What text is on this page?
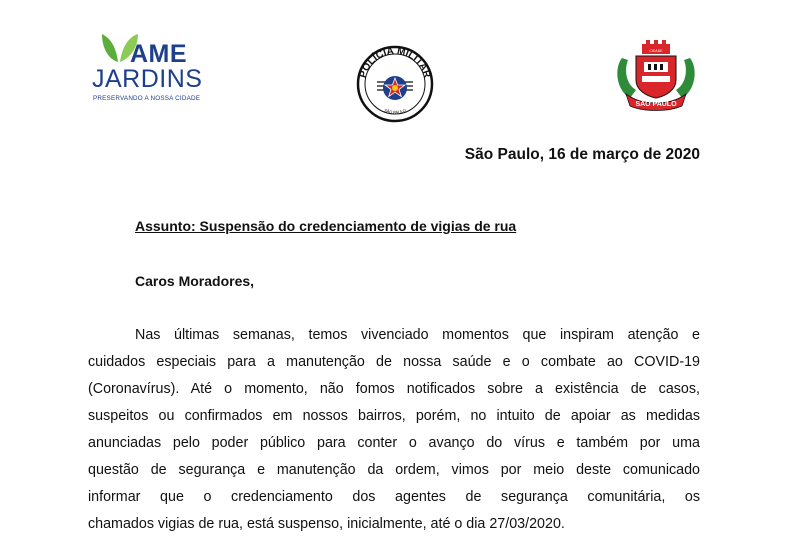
AME
JARDINS
PRESERVANDO A NOSSA CIDADE
POLÍCIA MILITAR
SÃO PAULO
CIDADE
SÃO PAULO
São Paulo, 16 de março de 2020
Assunto: Suspensão do credenciamento de vigias de rua
Caros Moradores,
Nas últimas semanas, temos vivenciado momentos que inspiram atenção e
cuidados especiais para a manutenção de nossa saúde e o combate ao COVID-19
(Coronavírus). Até o momento, não fomos notificados sobre a existência de casos,
suspeitos ou confirmados em nossos bairros, porém, no intuito de apoiar as medidas
anunciadas pelo poder público para conter o avanço do vírus e também por uma
questão de segurança e manutenção da ordem, vimos por meio deste comunicado
informar que o credenciamento dos agentes de segurança comunitária, os
chamados vigias de rua, está suspenso, inicialmente, até o dia 27/03/2020.
